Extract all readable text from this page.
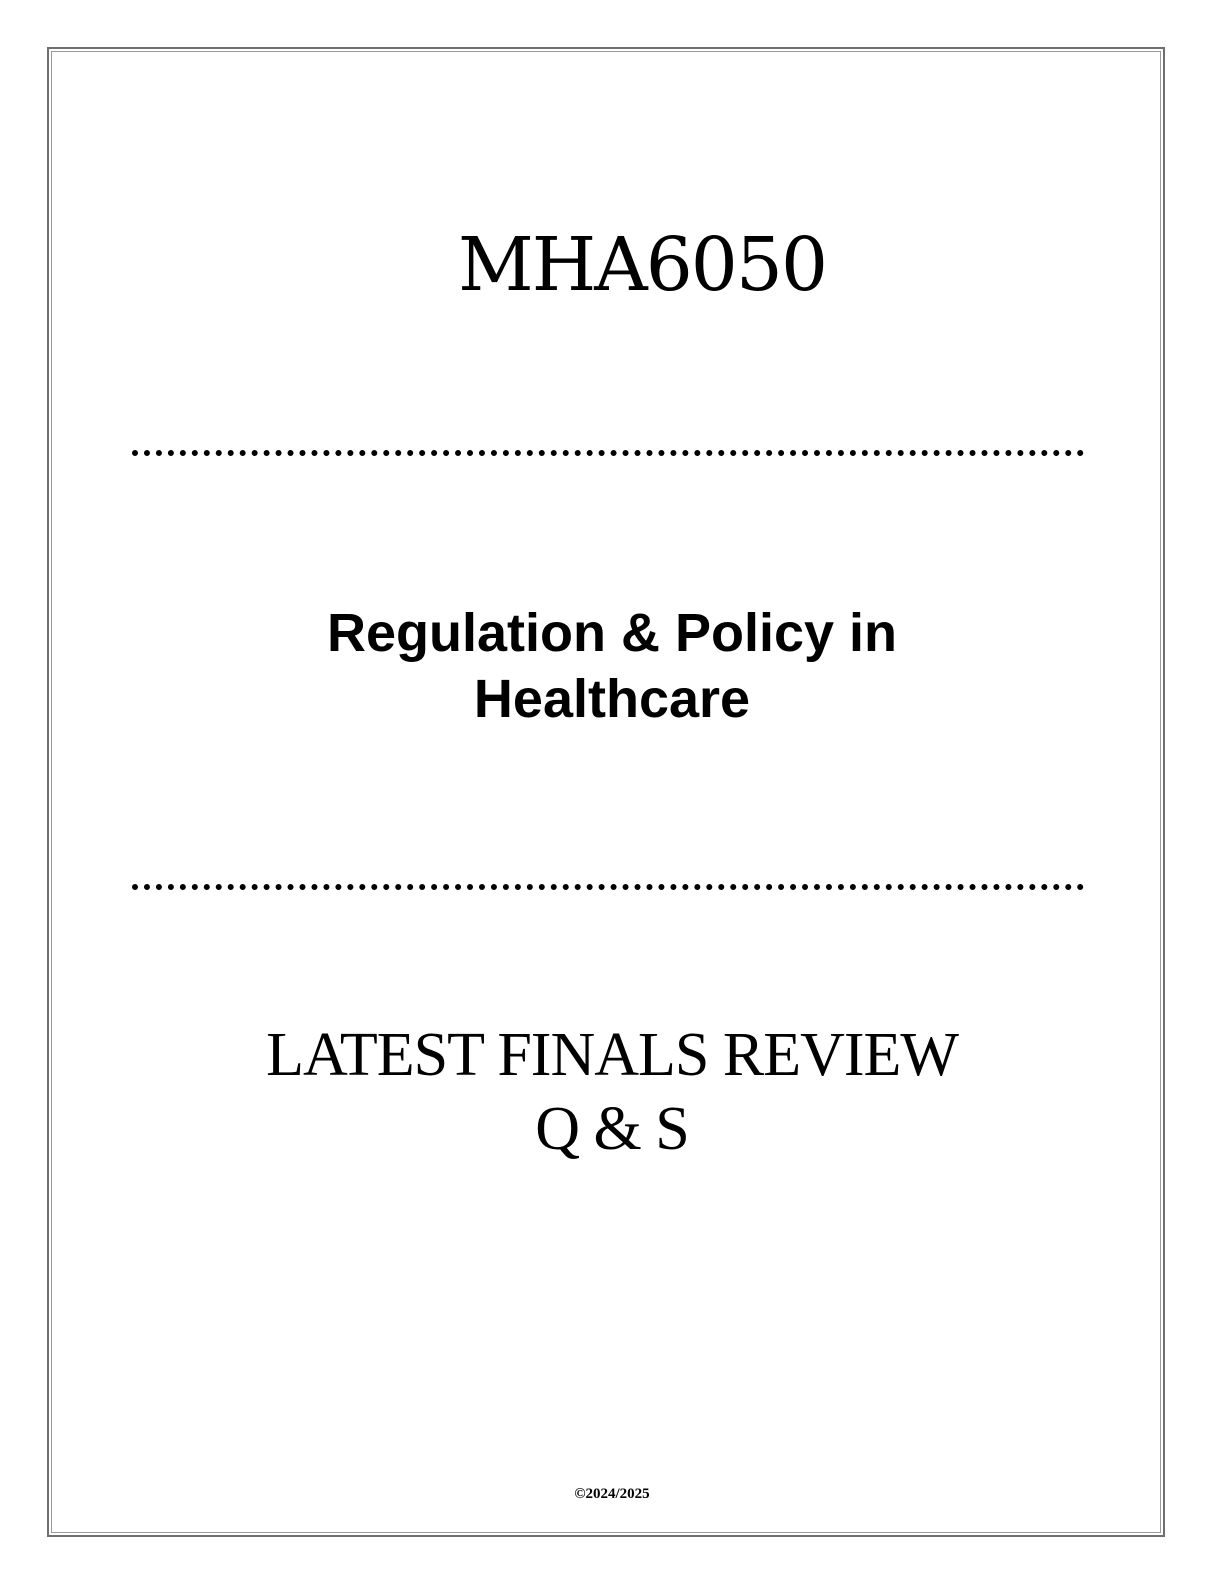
MHA6050
Regulation & Policy in
Healthcare
LATEST FINALS REVIEW
Q & S
©2024/2025
